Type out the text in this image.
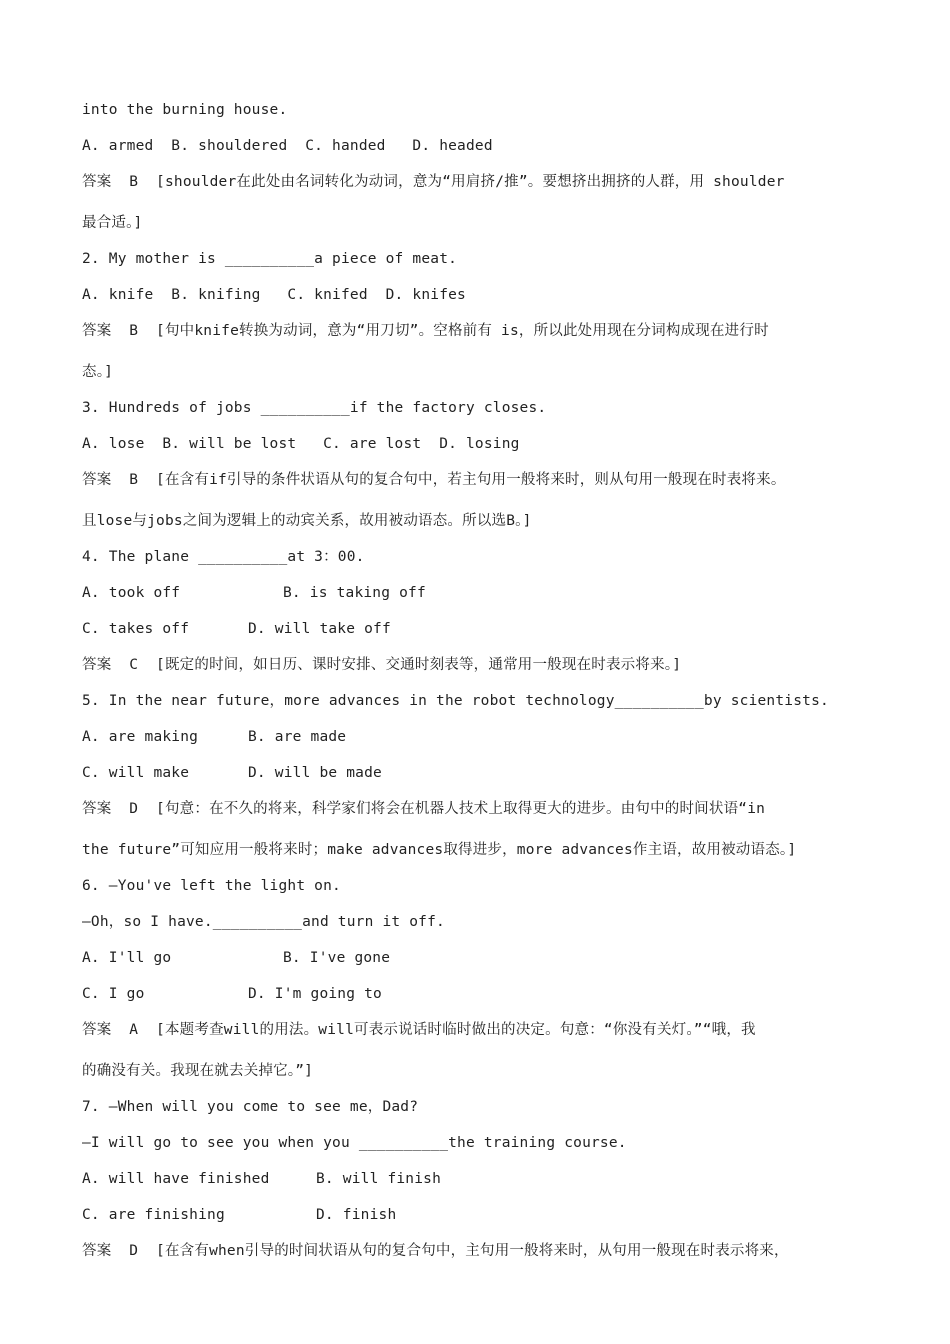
into the burning house.
A. armed  B. shouldered  C. handed   D. headed
答案  B  [shoulder在此处由名词转化为动词，意为“用肩挤/推”。要想挤出拥挤的人群，用 shoulder
最合适。]
2. My mother is __________a piece of meat.
A. knife  B. knifing   C. knifed  D. knifes
答案  B  [句中knife转换为动词，意为“用刀切”。空格前有 is，所以此处用现在分词构成现在进行时
态。]
3. Hundreds of jobs __________if the factory closes.
A. lose  B. will be lost   C. are lost  D. losing
答案  B  [在含有if引导的条件状语从句的复合句中，若主句用一般将来时，则从句用一般现在时表将来。
且lose与jobs之间为逻辑上的动宾关系，故用被动语态。所以选B。]
4. The plane __________at 3：00.
A. took off	B. is taking off
C. takes off	D. will take off
答案  C  [既定的时间，如日历、课时安排、交通时刻表等，通常用一般现在时表示将来。]
5. In the near future，more advances in the robot technology__________by scientists.
A. are making	B. are made
C. will make	D. will be made
答案  D  [句意：在不久的将来，科学家们将会在机器人技术上取得更大的进步。由句中的时间状语“in
the future”可知应用一般将来时；make advances取得进步，more advances作主语，故用被动语态。]
6. —You've left the light on.
—Oh，so I have.__________and turn it off.
A. I'll go	B. I've gone
C. I go	D. I'm going to
答案  A  [本题考查will的用法。will可表示说话时临时做出的决定。句意：“你没有关灯。”“哦，我
的确没有关。我现在就去关掉它。”]
7. —When will you come to see me，Dad?
—I will go to see you when you __________the training course.
A. will have finished	B. will finish
C. are finishing	D. finish
答案  D  [在含有when引导的时间状语从句的复合句中，主句用一般将来时，从句用一般现在时表示将来，
